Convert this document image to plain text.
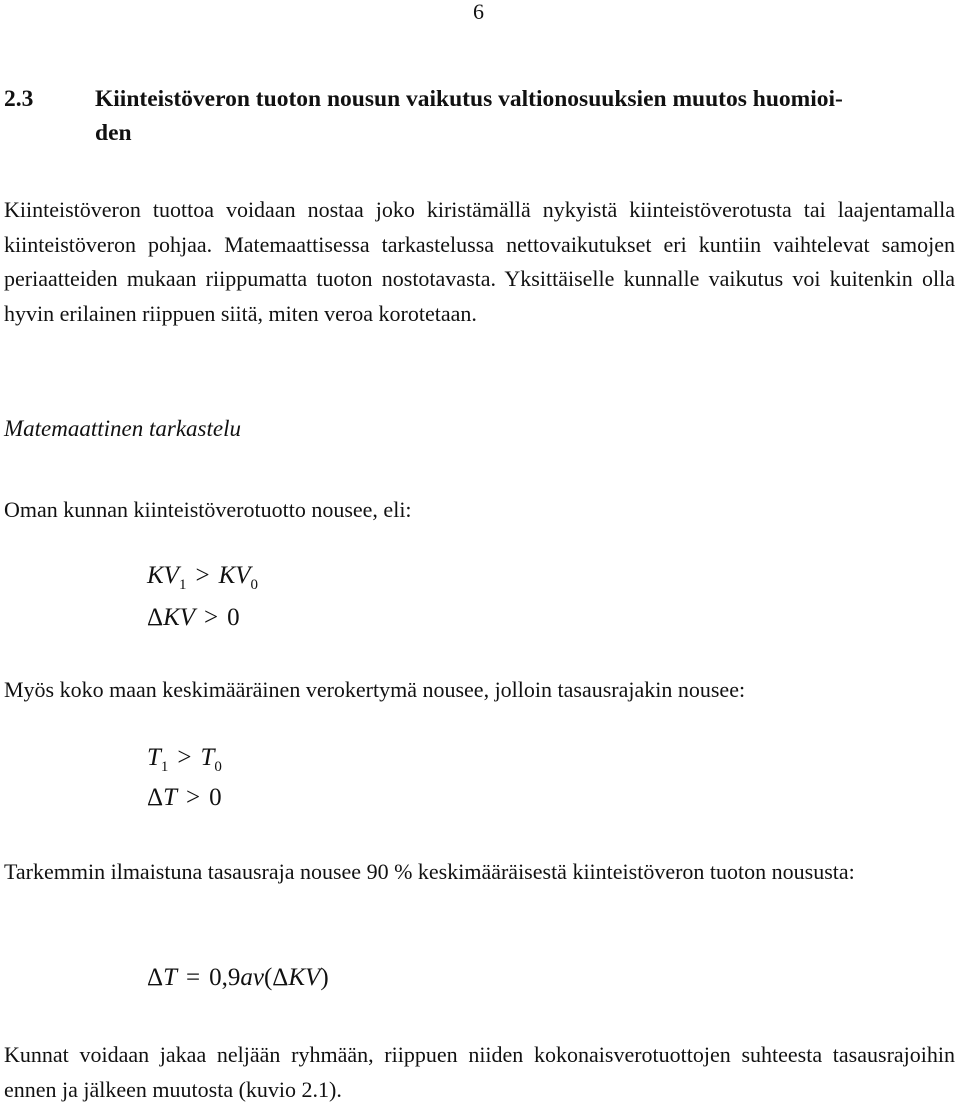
6
2.3	Kiinteistöveron tuoton nousun vaikutus valtionosuuksien muutos huomioi-
den

Kiinteistöveron tuottoa voidaan nostaa joko kiristämällä nykyistä kiinteistöverotusta tai laajentamalla kiinteistöveron pohjaa. Matemaattisessa tarkastelussa nettovaikutukset eri kuntiin vaihtelevat samojen periaatteiden mukaan riippumatta tuoton nostotavasta. Yksittäiselle kunnalle vaikutus voi kuitenkin olla hyvin erilainen riippuen siitä, miten veroa korotetaan.

Matemaattinen tarkastelu

Oman kunnan kiinteistöverotuotto nousee, eli:

$KV_1 > KV_0$
ΔKV > 0

Myös koko maan keskimääräinen verokertymä nousee, jolloin tasausrajakin nousee:

$T_1 > T_0$
ΔT > 0

Tarkemmin ilmaistuna tasausraja nousee 90 % keskimääräisestä kiinteistöveron tuoton noususta:

ΔT = 0,9av(ΔKV)

Kunnat voidaan jakaa neljään ryhmään, riippuen niiden kokonaisverotuottojen suhteesta tasausrajoihin ennen ja jälkeen muutosta (kuvio 2.1).
